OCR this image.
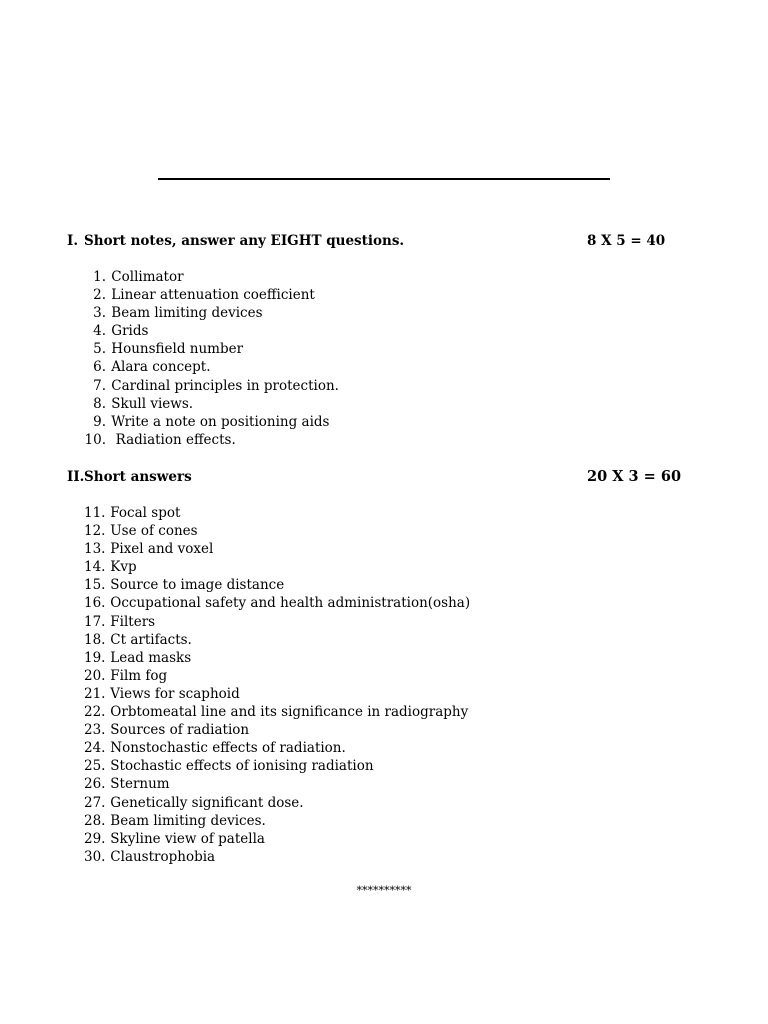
I. Short notes, answer any EIGHT questions.	8 X 5 = 40
1. Collimator
2. Linear attenuation coefficient
3. Beam limiting devices
4. Grids
5. Hounsfield number
6. Alara concept.
7. Cardinal principles in protection.
8. Skull views.
9. Write a note on positioning aids
10.  Radiation effects.
II. Short answers	20 X 3 = 60
11. Focal spot
12. Use of cones
13. Pixel and voxel
14. Kvp
15. Source to image distance
16. Occupational safety and health administration(osha)
17. Filters
18. Ct artifacts.
19. Lead masks
20. Film fog
21. Views for scaphoid
22. Orbtomeatal line and its significance in radiography
23. Sources of radiation
24. Nonstochastic effects of radiation.
25. Stochastic effects of ionising radiation
26. Sternum
27. Genetically significant dose.
28. Beam limiting devices.
29. Skyline view of patella
30. Claustrophobia
**********
